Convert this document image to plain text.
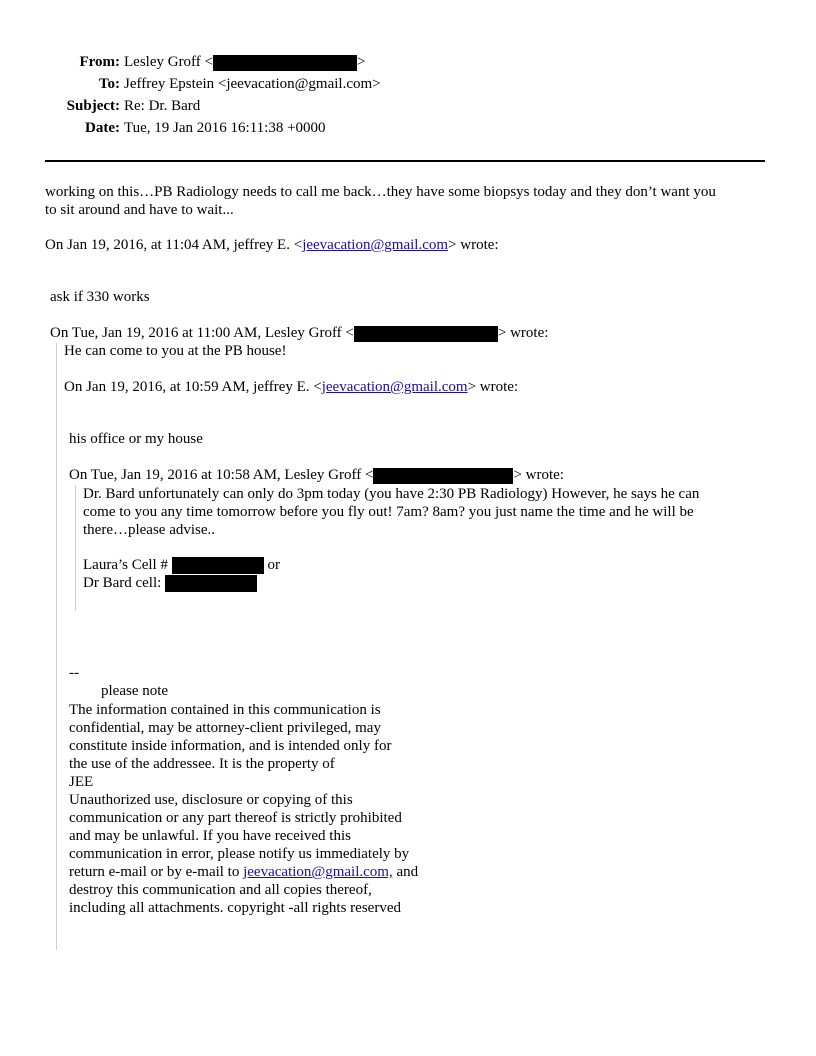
From: Lesley Groff <	>
To: Jeffrey Epstein <jeevacation@gmail.com>
Subject: Re: Dr. Bard
Date: Tue, 19 Jan 2016 16:11:38 +0000
working on this…PB Radiology needs to call me back…they have some biopsys today and they don’t want you
to sit around and have to wait...
On Jan 19, 2016, at 11:04 AM, jeffrey E. <jeevacation@gmail.com> wrote:
ask if 330 works
On Tue, Jan 19, 2016 at 11:00 AM, Lesley Groff <	> wrote:
He can come to you at the PB house!
On Jan 19, 2016, at 10:59 AM, jeffrey E. <jeevacation@gmail.com> wrote:
his office or my house
On Tue, Jan 19, 2016 at 10:58 AM, Lesley Groff <	> wrote:
Dr. Bard unfortunately can only do 3pm today (you have 2:30 PB Radiology) However, he says he can
come to you any time tomorrow before you fly out! 7am? 8am? you just name the time and he will be
there…please advise..
Laura’s Cell #	or
Dr Bard cell:
--
please note
The information contained in this communication is
confidential, may be attorney-client privileged, may
constitute inside information, and is intended only for
the use of the addressee. It is the property of
JEE
Unauthorized use, disclosure or copying of this
communication or any part thereof is strictly prohibited
and may be unlawful. If you have received this
communication in error, please notify us immediately by
return e-mail or by e-mail to jeevacation@gmail.com, and
destroy this communication and all copies thereof,
including all attachments. copyright -all rights reserved
